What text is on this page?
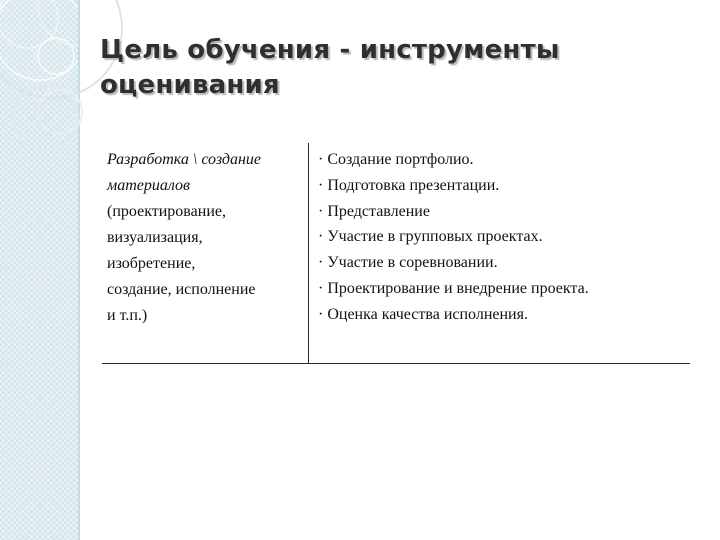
Цель обучения - инструменты
оценивания
Разработка \ создание
материалов
(проектирование,
визуализация,
изобретение,
создание, исполнение
и т.п.)
· Создание портфолио.
· Подготовка презентации.
· Представление
· Участие в групповых проектах.
· Участие в соревновании.
· Проектирование и внедрение проекта.
· Оценка качества исполнения.
